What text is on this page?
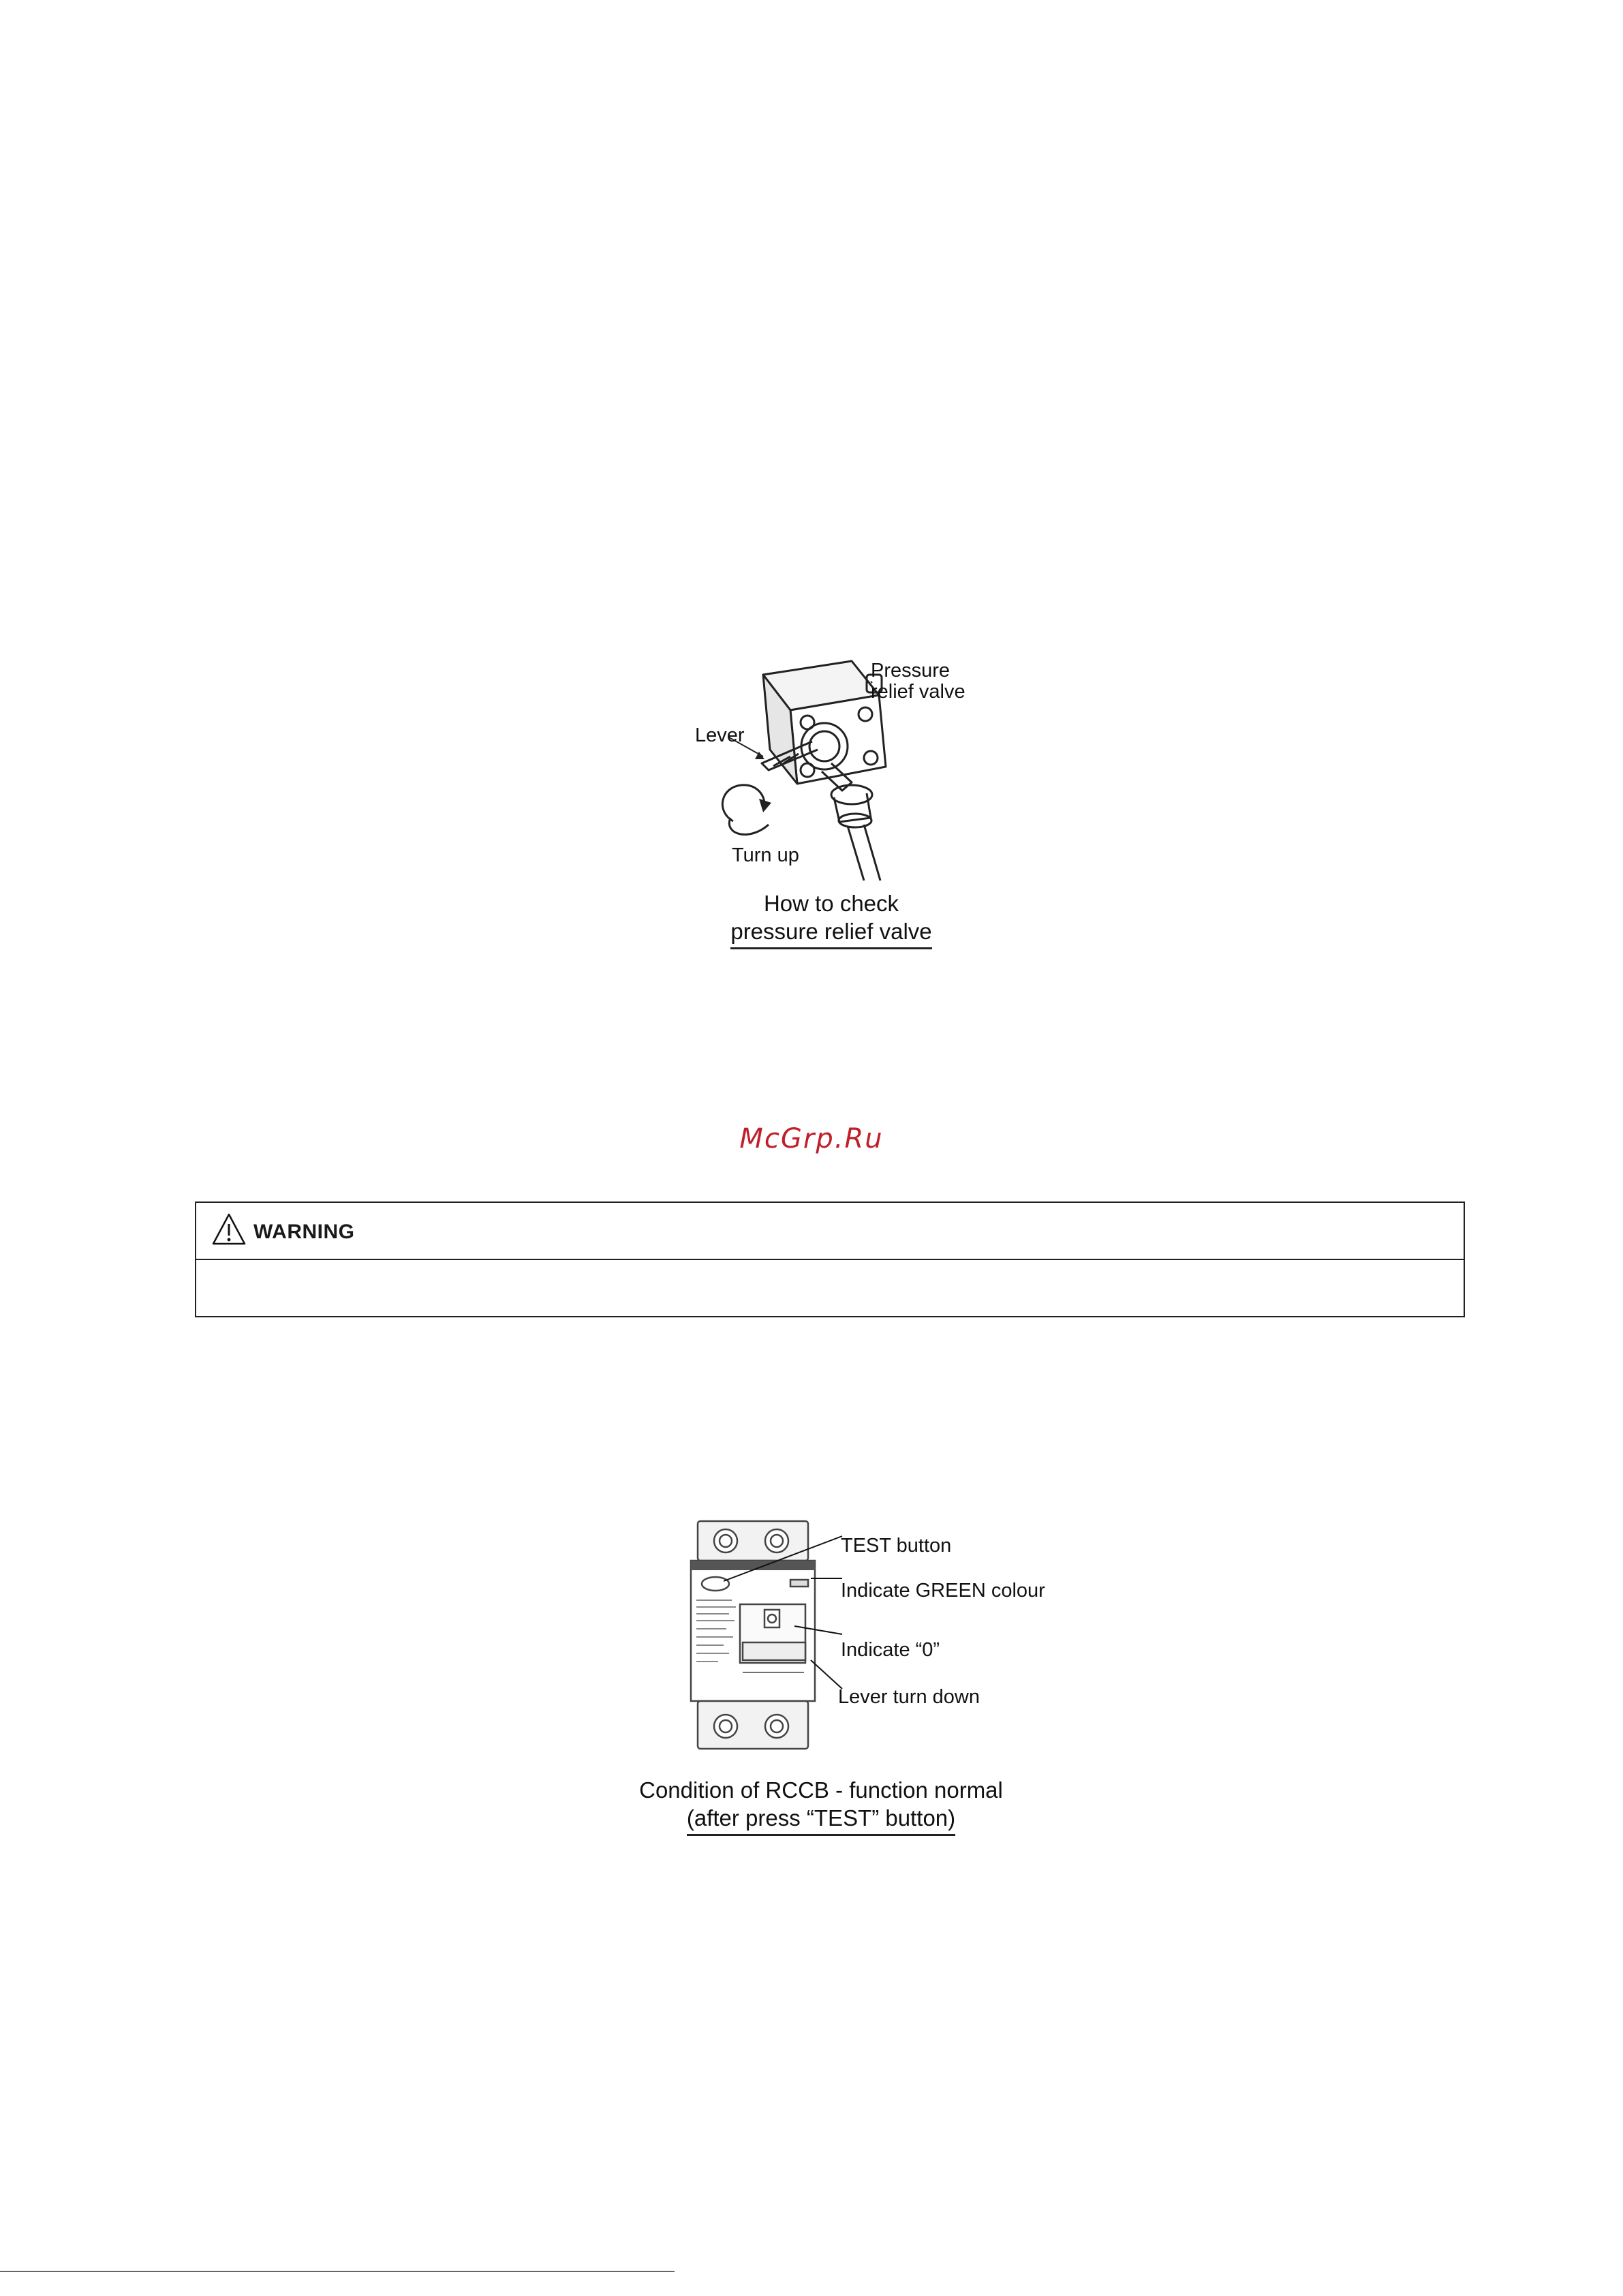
Pressure
relief valve
Lever
Turn up
How to check
pressure relief valve
McGrp.Ru
WARNING
TEST button
Indicate GREEN colour
Indicate “0”
Lever turn down
Condition of RCCB - function normal
(after press “TEST” button)
